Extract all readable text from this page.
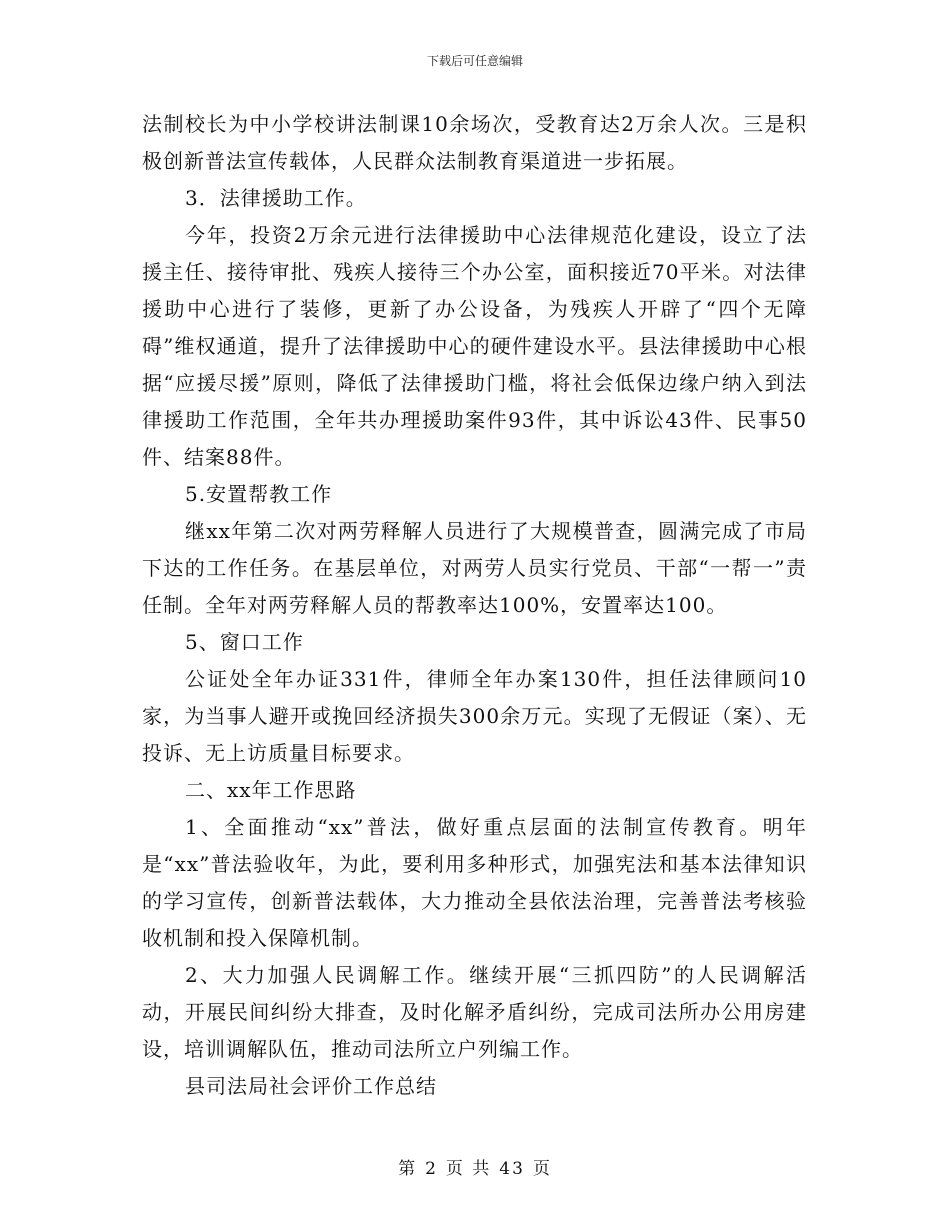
下载后可任意编辑

法制校长为中小学校讲法制课10余场次，受教育达2万余人次。三是积极创新普法宣传载体，人民群众法制教育渠道进一步拓展。

3．法律援助工作。

今年，投资2万余元进行法律援助中心法律规范化建设，设立了法援主任、接待审批、残疾人接待三个办公室，面积接近70平米。对法律援助中心进行了装修，更新了办公设备，为残疾人开辟了“四个无障碍”维权通道，提升了法律援助中心的硬件建设水平。县法律援助中心根据“应援尽援”原则，降低了法律援助门槛，将社会低保边缘户纳入到法律援助工作范围，全年共办理援助案件93件，其中诉讼43件、民事50件、结案88件。

5.安置帮教工作

继xx年第二次对两劳释解人员进行了大规模普查，圆满完成了市局下达的工作任务。在基层单位，对两劳人员实行党员、干部“一帮一”责任制。全年对两劳释解人员的帮教率达100%，安置率达100。

5、窗口工作

公证处全年办证331件，律师全年办案130件，担任法律顾问10家，为当事人避开或挽回经济损失300余万元。实现了无假证（案）、无投诉、无上访质量目标要求。

二、xx年工作思路

1、全面推动“xx”普法，做好重点层面的法制宣传教育。明年是“xx”普法验收年，为此，要利用多种形式，加强宪法和基本法律知识的学习宣传，创新普法载体，大力推动全县依法治理，完善普法考核验收机制和投入保障机制。

2、大力加强人民调解工作。继续开展“三抓四防”的人民调解活动，开展民间纠纷大排查，及时化解矛盾纠纷，完成司法所办公用房建设，培训调解队伍，推动司法所立户列编工作。

县司法局社会评价工作总结

第 2 页 共 43 页
